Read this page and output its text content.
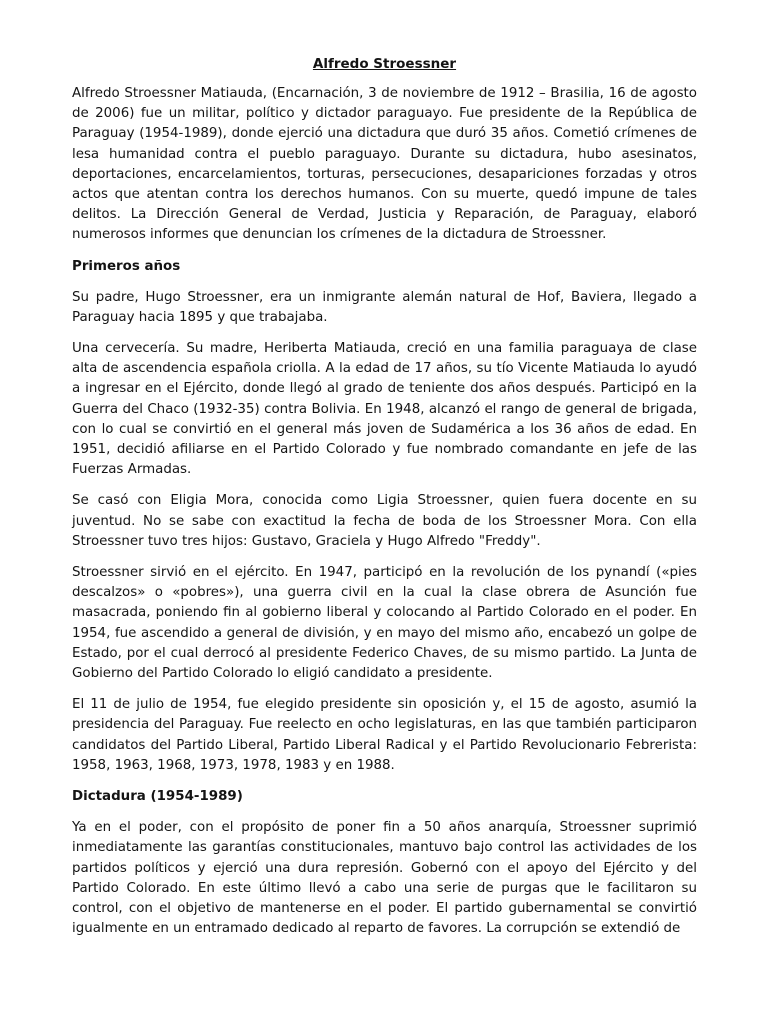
Alfredo Stroessner

Alfredo Stroessner Matiauda, (Encarnación, 3 de noviembre de 1912 – Brasilia, 16 de agosto de 2006) fue un militar, político y dictador paraguayo. Fue presidente de la República de Paraguay (1954-1989), donde ejerció una dictadura que duró 35 años. Cometió crímenes de lesa humanidad contra el pueblo paraguayo. Durante su dictadura, hubo asesinatos, deportaciones, encarcelamientos, torturas, persecuciones, desapariciones forzadas y otros actos que atentan contra los derechos humanos. Con su muerte, quedó impune de tales delitos. La Dirección General de Verdad, Justicia y Reparación, de Paraguay, elaboró numerosos informes que denuncian los crímenes de la dictadura de Stroessner.

Primeros años

Su padre, Hugo Stroessner, era un inmigrante alemán natural de Hof, Baviera, llegado a Paraguay hacia 1895 y que trabajaba.

Una cervecería. Su madre, Heriberta Matiauda, creció en una familia paraguaya de clase alta de ascendencia española criolla. A la edad de 17 años, su tío Vicente Matiauda lo ayudó a ingresar en el Ejército, donde llegó al grado de teniente dos años después. Participó en la Guerra del Chaco (1932-35) contra Bolivia. En 1948, alcanzó el rango de general de brigada, con lo cual se convirtió en el general más joven de Sudamérica a los 36 años de edad. En 1951, decidió afiliarse en el Partido Colorado y fue nombrado comandante en jefe de las Fuerzas Armadas.

Se casó con Eligia Mora, conocida como Ligia Stroessner, quien fuera docente en su juventud. No se sabe con exactitud la fecha de boda de los Stroessner Mora. Con ella Stroessner tuvo tres hijos: Gustavo, Graciela y Hugo Alfredo "Freddy".

Stroessner sirvió en el ejército. En 1947, participó en la revolución de los pynandí («pies descalzos» o «pobres»), una guerra civil en la cual la clase obrera de Asunción fue masacrada, poniendo fin al gobierno liberal y colocando al Partido Colorado en el poder. En 1954, fue ascendido a general de división, y en mayo del mismo año, encabezó un golpe de Estado, por el cual derrocó al presidente Federico Chaves, de su mismo partido. La Junta de Gobierno del Partido Colorado lo eligió candidato a presidente.

El 11 de julio de 1954, fue elegido presidente sin oposición y, el 15 de agosto, asumió la presidencia del Paraguay. Fue reelecto en ocho legislaturas, en las que también participaron candidatos del Partido Liberal, Partido Liberal Radical y el Partido Revolucionario Febrerista: 1958, 1963, 1968, 1973, 1978, 1983 y en 1988.

Dictadura (1954-1989)

Ya en el poder, con el propósito de poner fin a 50 años anarquía, Stroessner suprimió inmediatamente las garantías constitucionales, mantuvo bajo control las actividades de los partidos políticos y ejerció una dura represión. Gobernó con el apoyo del Ejército y del Partido Colorado. En este último llevó a cabo una serie de purgas que le facilitaron su control, con el objetivo de mantenerse en el poder. El partido gubernamental se convirtió igualmente en un entramado dedicado al reparto de favores. La corrupción se extendió de
